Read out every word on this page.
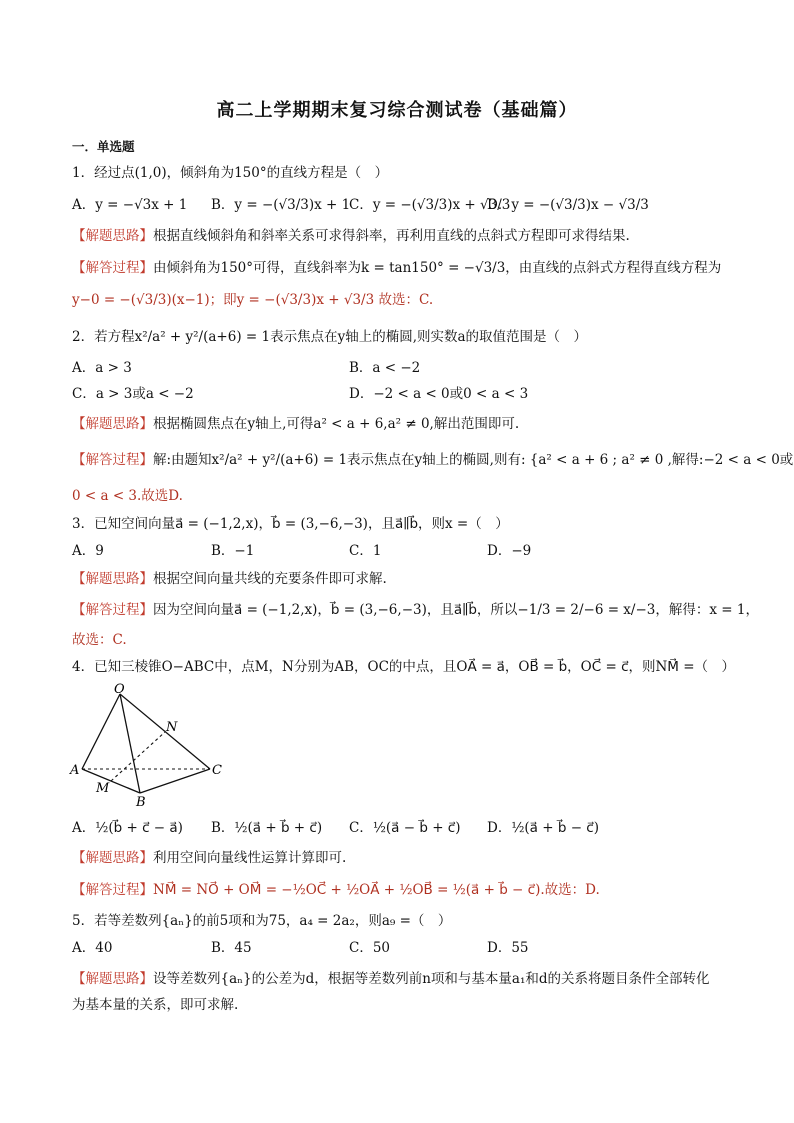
高二上学期期末复习综合测试卷（基础篇）
一．单选题
1．经过点(1,0)，倾斜角为150°的直线方程是（　）
A．y = −√3x + 1 B．y = −(√3/3)x + 1
C．y = −(√3/3)x + √3/3
D．y = −(√3/3)x − √3/3
【解题思路】根据直线倾斜角和斜率关系可求得斜率，再利用直线的点斜式方程即可求得结果.
【解答过程】由倾斜角为150°可得，直线斜率为k = tan150° = −√3/3，由直线的点斜式方程得直线方程为
y−0 = −(√3/3)(x−1)；即y = −(√3/3)x + √3/3 故选：C.
2．若方程x²/a² + y²/(a+6) = 1表示焦点在y轴上的椭圆,则实数a的取值范围是（　）
A．a > 3	B．a < −2
C．a > 3或a < −2	D．−2 < a < 0或0 < a < 3
【解题思路】根据椭圆焦点在y轴上,可得a² < a + 6,a² ≠ 0,解出范围即可.
【解答过程】解:由题知x²/a² + y²/(a+6) = 1表示焦点在y轴上的椭圆,则有: {a² < a + 6 ; a² ≠ 0 ,解得:−2 < a < 0或
0 < a < 3.故选D.
3．已知空间向量a⃗ = (−1,2,x)，b⃗ = (3,−6,−3)，且a⃗∥b⃗，则x =（　）
A．9	B．−1	C．1	D．−9
【解题思路】根据空间向量共线的充要条件即可求解.
【解答过程】因为空间向量a⃗ = (−1,2,x)，b⃗ = (3,−6,−3)，且a⃗∥b⃗，所以−1/3 = 2/−6 = x/−3，解得：x = 1，
故选：C.
4．已知三棱锥O−ABC中，点M，N分别为AB，OC的中点，且OA⃗ = a⃗，OB⃗ = b⃗，OC⃗ = c⃗，则NM⃗ =（　）
O
N
A
M
B
C
A．½(b⃗ + c⃗ − a⃗) B．½(a⃗ + b⃗ + c⃗) C．½(a⃗ − b⃗ + c⃗) D．½(a⃗ + b⃗ − c⃗)
【解题思路】利用空间向量线性运算计算即可.
【解答过程】NM⃗ = NO⃗ + OM⃗ = −½OC⃗ + ½OA⃗ + ½OB⃗ = ½(a⃗ + b⃗ − c⃗).故选：D.
5．若等差数列{aₙ}的前5项和为75，a₄ = 2a₂，则a₉ =（　）
A．40	B．45	C．50	D．55
【解题思路】设等差数列{aₙ}的公差为d，根据等差数列前n项和与基本量a₁和d的关系将题目条件全部转化
为基本量的关系，即可求解.
